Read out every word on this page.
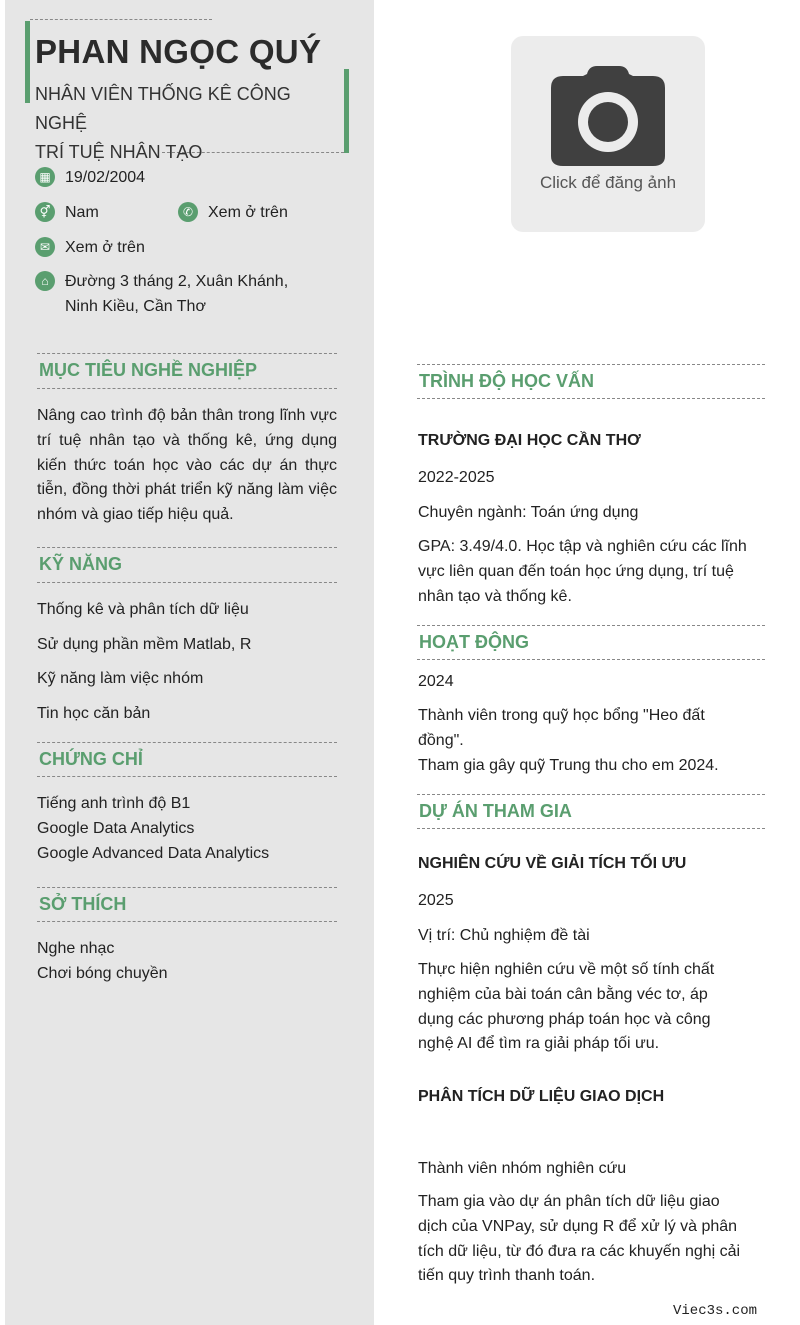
PHAN NGỌC QUÝ
NHÂN VIÊN THỐNG KÊ CÔNG NGHỆ
TRÍ TUỆ NHÂN TẠO
▦ 19/02/2004
⚥ Nam	✆ Xem ở trên
✉ Xem ở trên
⌂	Đường 3 tháng 2, Xuân Khánh,
Ninh Kiều, Cần Thơ
MỤC TIÊU NGHỀ NGHIỆP
Nâng cao trình độ bản thân trong lĩnh vực trí tuệ nhân tạo và thống kê, ứng dụng kiến thức toán học vào các dự án thực tiễn, đồng thời phát triển kỹ năng làm việc nhóm và giao tiếp hiệu quả.
KỸ NĂNG
Thống kê và phân tích dữ liệu
Sử dụng phần mềm Matlab, R
Kỹ năng làm việc nhóm
Tin học căn bản
CHỨNG CHỈ
Tiếng anh trình độ B1
Google Data Analytics
Google Advanced Data Analytics
SỞ THÍCH
Nghe nhạc
Chơi bóng chuyền
Click để đăng ảnh
TRÌNH ĐỘ HỌC VẤN
TRƯỜNG ĐẠI HỌC CẦN THƠ
2022-2025
Chuyên ngành: Toán ứng dụng
GPA: 3.49/4.0. Học tập và nghiên cứu các lĩnh
vực liên quan đến toán học ứng dụng, trí tuệ
nhân tạo và thống kê.
HOẠT ĐỘNG
2024
Thành viên trong quỹ học bổng "Heo đất
đồng".
Tham gia gây quỹ Trung thu cho em 2024.
DỰ ÁN THAM GIA
NGHIÊN CỨU VỀ GIẢI TÍCH TỐI ƯU
2025
Vị trí: Chủ nghiệm đề tài
Thực hiện nghiên cứu về một số tính chất
nghiệm của bài toán cân bằng véc tơ, áp
dụng các phương pháp toán học và công
nghệ AI để tìm ra giải pháp tối ưu.
PHÂN TÍCH DỮ LIỆU GIAO DỊCH
Thành viên nhóm nghiên cứu
Tham gia vào dự án phân tích dữ liệu giao
dịch của VNPay, sử dụng R để xử lý và phân
tích dữ liệu, từ đó đưa ra các khuyến nghị cải
tiến quy trình thanh toán.
Viec3s.com
